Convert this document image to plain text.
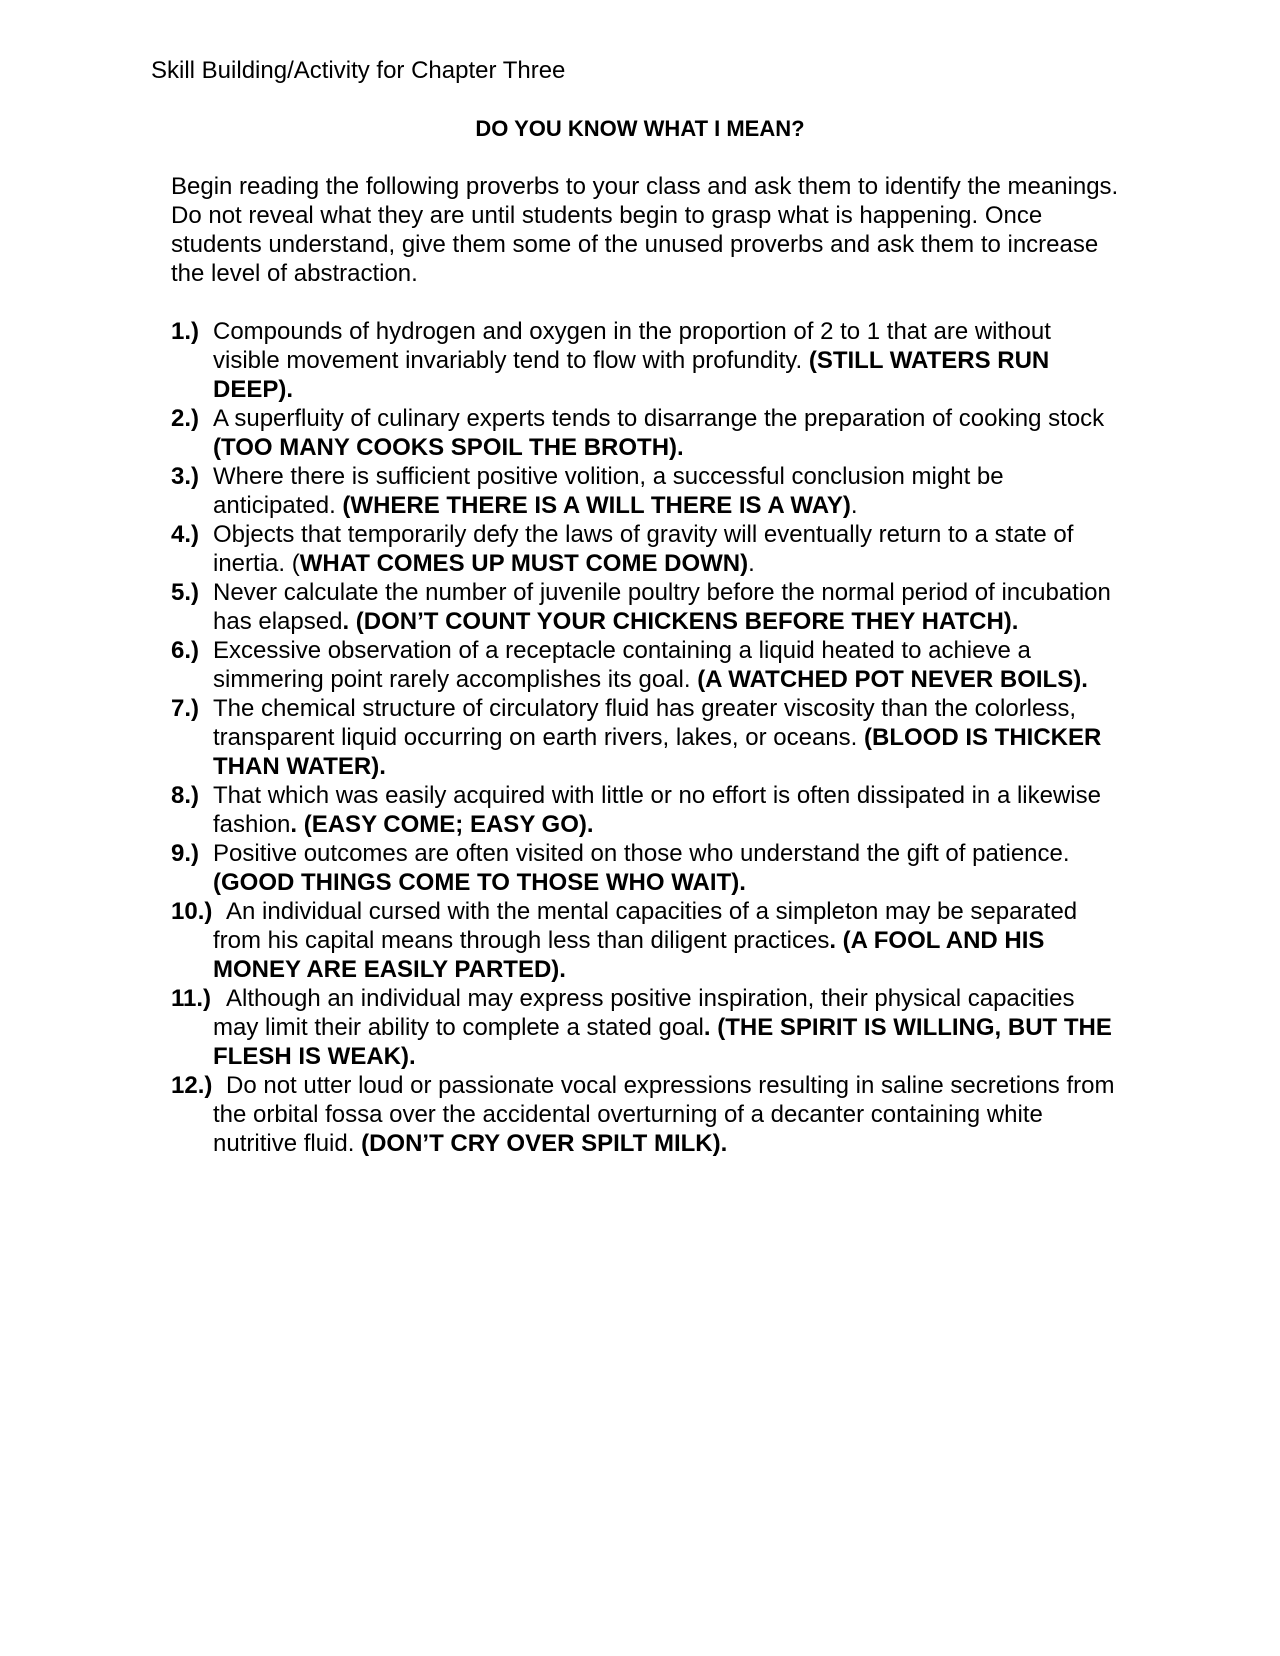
Skill Building/Activity for Chapter Three
DO YOU KNOW WHAT I MEAN?
Begin reading the following proverbs to your class and ask them to identify the meanings. Do not reveal what they are until students begin to grasp what is happening. Once students understand, give them some of the unused proverbs and ask them to increase the level of abstraction.
1.) Compounds of hydrogen and oxygen in the proportion of 2 to 1 that are without visible movement invariably tend to flow with profundity. (STILL WATERS RUN DEEP).
2.) A superfluity of culinary experts tends to disarrange the preparation of cooking stock (TOO MANY COOKS SPOIL THE BROTH).
3.) Where there is sufficient positive volition, a successful conclusion might be anticipated. (WHERE THERE IS A WILL THERE IS A WAY).
4.) Objects that temporarily defy the laws of gravity will eventually return to a state of inertia. (WHAT COMES UP MUST COME DOWN).
5.) Never calculate the number of juvenile poultry before the normal period of incubation has elapsed. (DON’T COUNT YOUR CHICKENS BEFORE THEY HATCH).
6.) Excessive observation of a receptacle containing a liquid heated to achieve a simmering point rarely accomplishes its goal. (A WATCHED POT NEVER BOILS).
7.) The chemical structure of circulatory fluid has greater viscosity than the colorless, transparent liquid occurring on earth rivers, lakes, or oceans. (BLOOD IS THICKER THAN WATER).
8.) That which was easily acquired with little or no effort is often dissipated in a likewise fashion. (EASY COME; EASY GO).
9.) Positive outcomes are often visited on those who understand the gift of patience. (GOOD THINGS COME TO THOSE WHO WAIT).
10.) An individual cursed with the mental capacities of a simpleton may be separated from his capital means through less than diligent practices. (A FOOL AND HIS MONEY ARE EASILY PARTED).
11.) Although an individual may express positive inspiration, their physical capacities may limit their ability to complete a stated goal. (THE SPIRIT IS WILLING, BUT THE FLESH IS WEAK).
12.) Do not utter loud or passionate vocal expressions resulting in saline secretions from the orbital fossa over the accidental overturning of a decanter containing white nutritive fluid. (DON’T CRY OVER SPILT MILK).
